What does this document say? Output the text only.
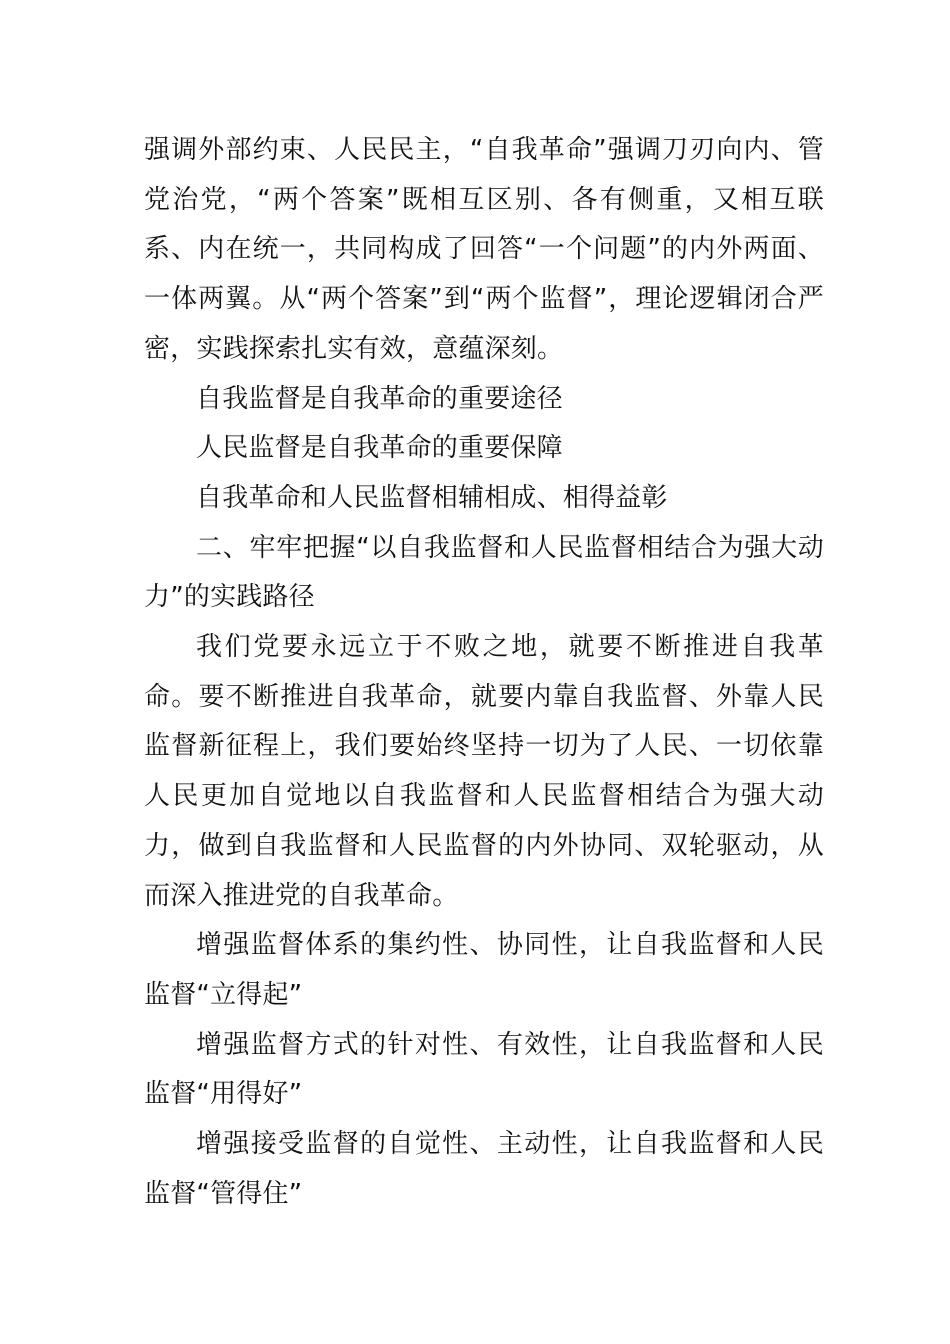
强调外部约束、人民民主，“自我革命”强调刀刃向内、管党治党，“两个答案”既相互区别、各有侧重，又相互联系、内在统一，共同构成了回答“一个问题”的内外两面、一体两翼。从“两个答案”到“两个监督”，理论逻辑闭合严密，实践探索扎实有效，意蕴深刻。

自我监督是自我革命的重要途径

人民监督是自我革命的重要保障

自我革命和人民监督相辅相成、相得益彰

二、牢牢把握“以自我监督和人民监督相结合为强大动力”的实践路径

我们党要永远立于不败之地，就要不断推进自我革命。要不断推进自我革命，就要内靠自我监督、外靠人民监督新征程上，我们要始终坚持一切为了人民、一切依靠人民更加自觉地以自我监督和人民监督相结合为强大动力，做到自我监督和人民监督的内外协同、双轮驱动，从而深入推进党的自我革命。

增强监督体系的集约性、协同性，让自我监督和人民监督“立得起”

增强监督方式的针对性、有效性，让自我监督和人民监督“用得好”

增强接受监督的自觉性、主动性，让自我监督和人民监督“管得住”
